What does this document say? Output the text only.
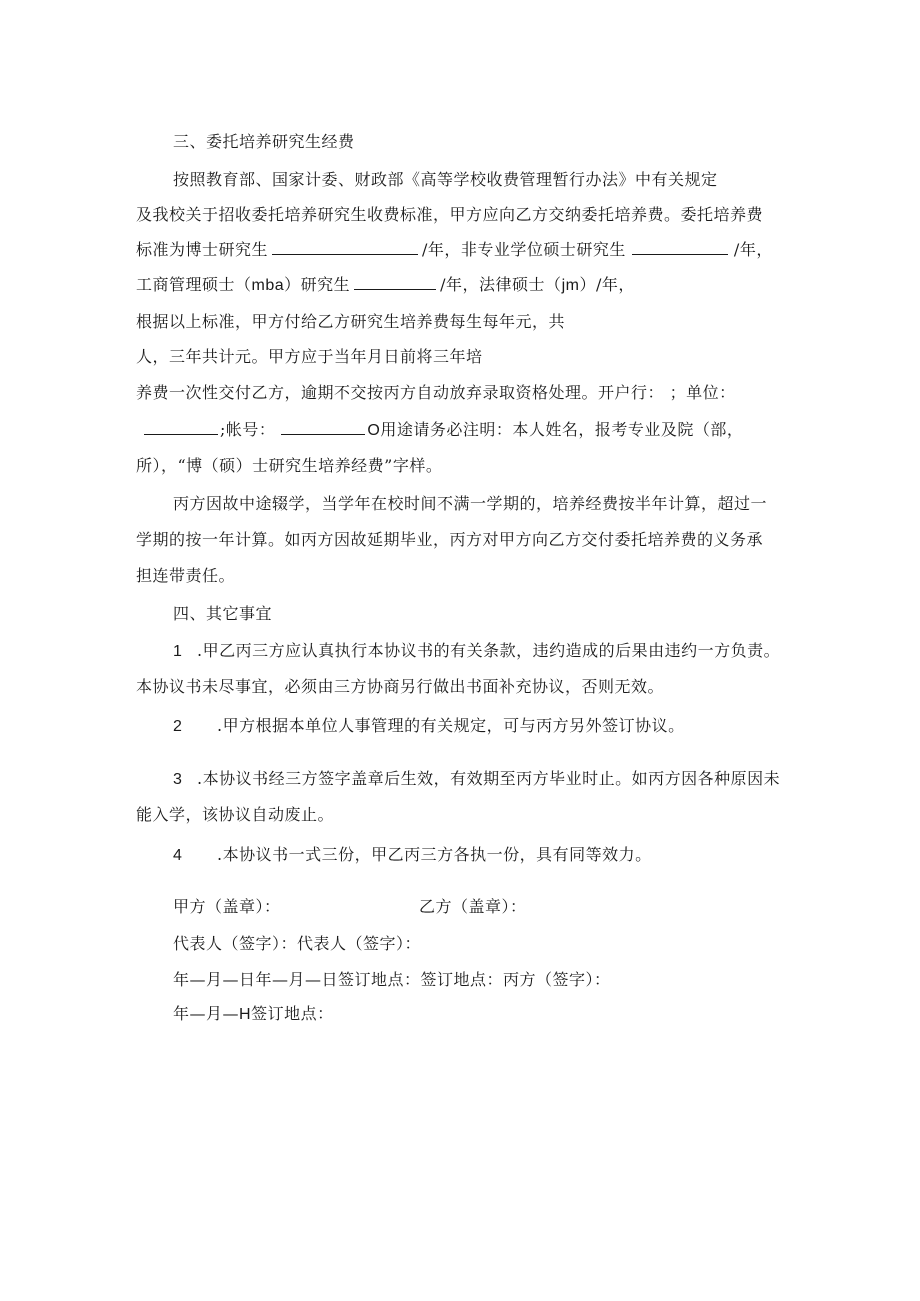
三、委托培养研究生经费
按照教育部、国家计委、财政部《高等学校收费管理暂行办法》中有关规定
及我校关于招收委托培养研究生收费标准，甲方应向乙方交纳委托培养费。委托培养费
标准为博士研究生	/年，非专业学位硕士研究生	/年，
工商管理硕士（mba）研究生	/年，法律硕士（jm）/年，
根据以上标准，甲方付给乙方研究生培养费每生每年元，共
人，三年共计元。甲方应于当年月日前将三年培
养费一次性交付乙方，逾期不交按丙方自动放弃录取资格处理。开户行： ；单位：
;帐号：	O用途请务必注明：本人姓名，报考专业及院（部，
所），“博（硕）士研究生培养经费”字样。
丙方因故中途辍学，当学年在校时间不满一学期的，培养经费按半年计算，超过一
学期的按一年计算。如丙方因故延期毕业，丙方对甲方向乙方交付委托培养费的义务承
担连带责任。
四、其它事宜
1 .甲乙丙三方应认真执行本协议书的有关条款，违约造成的后果由违约一方负责。
本协议书未尽事宜，必须由三方协商另行做出书面补充协议，否则无效。
2 .甲方根据本单位人事管理的有关规定，可与丙方另外签订协议。
3 .本协议书经三方签字盖章后生效，有效期至丙方毕业时止。如丙方因各种原因未
能入学，该协议自动废止。
4 .本协议书一式三份，甲乙丙三方各执一份，具有同等效力。
甲方（盖章）：	乙方（盖章）：
代表人（签字）：代表人（签字）：
年—月—日年—月—日签订地点：签订地点：丙方（签字）：
年—月—H签订地点：
